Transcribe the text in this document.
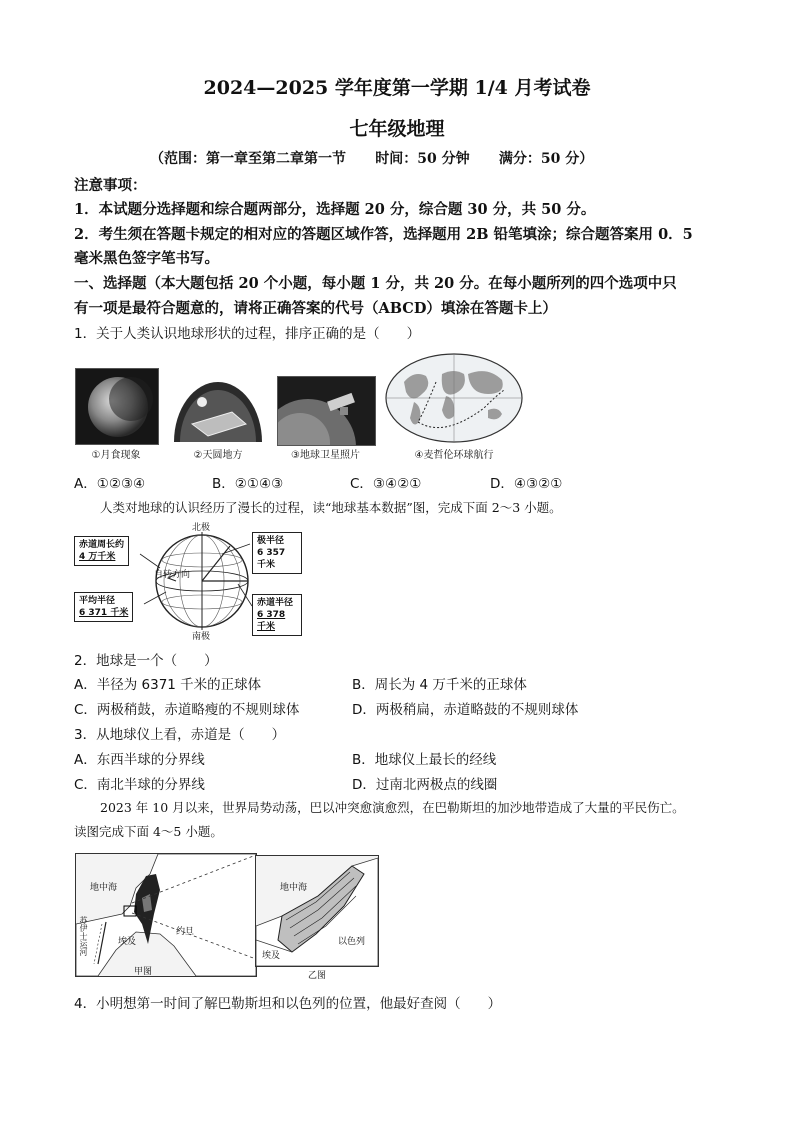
2024—2025 学年度第一学期 1/4 月考试卷
七年级地理
（范围：第一章至第二章第一节      时间：50 分钟      满分：50 分）
注意事项：
1．本试题分选择题和综合题两部分，选择题 20 分，综合题 30 分，共 50 分。
2．考生须在答题卡规定的相对应的答题区域作答，选择题用 2B 铅笔填涂；综合题答案用 0．5
毫米黑色签字笔书写。
一、选择题（本大题包括 20 个小题，每小题 1 分，共 20 分。在每小题所列的四个选项中只
有一项是最符合题意的，请将正确答案的代号（ABCD）填涂在答题卡上）
1．关于人类认识地球形状的过程，排序正确的是（　　）
①月食现象	②天圆地方	③地球卫星照片	④麦哲伦环球航行
A．①②③④	B．②①④③	C．③④②①	D．④③②①
人类对地球的认识经历了漫长的过程，读“地球基本数据”图，完成下面 2～3 小题。
北极
南极
自转方向
赤道周长约
4 万千米
极半径
6 357 千米
平均半径
6 371 千米
赤道半径
6 378 千米
2．地球是一个（　　）
A．半径为 6371 千米的正球体	B．周长为 4 万千米的正球体
C．两极稍鼓，赤道略瘦的不规则球体	D．两极稍扁，赤道略鼓的不规则球体
3．从地球仪上看，赤道是（　　）
A．东西半球的分界线	B．地球仪上最长的经线
C．南北半球的分界线	D．过南北两极点的线圈
2023 年 10 月以来，世界局势动荡，巴以冲突愈演愈烈，在巴勒斯坦的加沙地带造成了大量的平民伤亡。
读图完成下面 4～5 小题。
地中海
埃及
约旦
苏伊士运河
甲图
地中海
埃及
以色列
乙图
4．小明想第一时间了解巴勒斯坦和以色列的位置，他最好查阅（　　）
